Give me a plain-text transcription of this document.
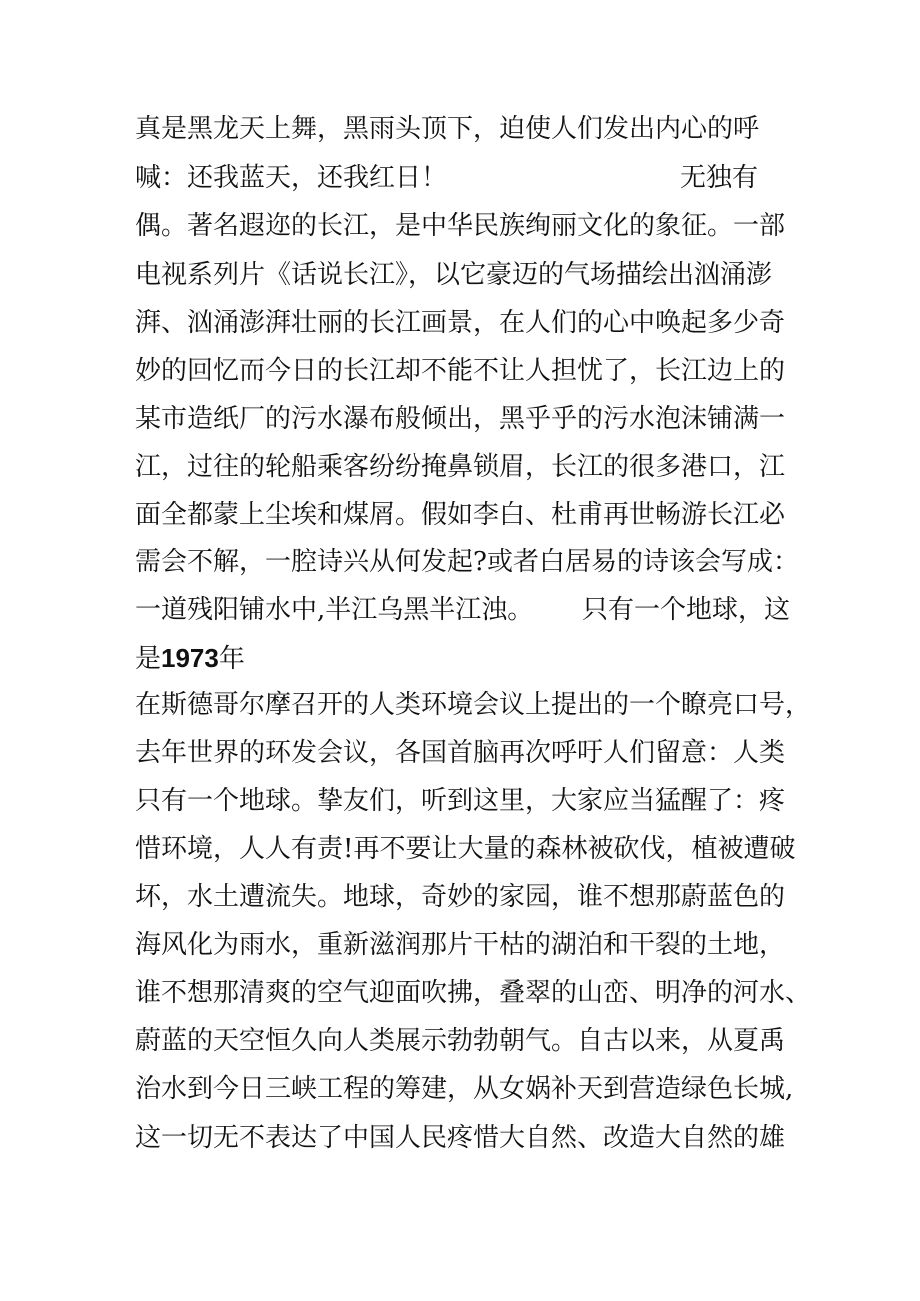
真是黑龙天上舞，黑雨头顶下，迫使人们发出内心的呼
喊：还我蓝天，还我红日！	无独有
偶。著名遐迩的长江，是中华民族绚丽文化的象征。一部
电视系列片《话说长江》，以它豪迈的气场描绘出汹涌澎
湃、汹涌澎湃壮丽的长江画景，在人们的心中唤起多少奇
妙的回忆而今日的长江却不能不让人担忧了，长江边上的
某市造纸厂的污水瀑布般倾出，黑乎乎的污水泡沫铺满一
江，过往的轮船乘客纷纷掩鼻锁眉，长江的很多港口，江
面全都蒙上尘埃和煤屑。假如李白、杜甫再世畅游长江必
需会不解，一腔诗兴从何发起?或者白居易的诗该会写成：
一道残阳铺水中,半江乌黑半江浊。 只有一个地球，这
是1973年
在斯德哥尔摩召开的人类环境会议上提出的一个瞭亮口号，
去年世界的环发会议，各国首脑再次呼吁人们留意：人类
只有一个地球。挚友们，听到这里，大家应当猛醒了：疼
惜环境，人人有责!再不要让大量的森林被砍伐，植被遭破
坏，水土遭流失。地球，奇妙的家园，谁不想那蔚蓝色的
海风化为雨水，重新滋润那片干枯的湖泊和干裂的土地，
谁不想那清爽的空气迎面吹拂，叠翠的山峦、明净的河水、
蔚蓝的天空恒久向人类展示勃勃朝气。自古以来，从夏禹
治水到今日三峡工程的筹建，从女娲补天到营造绿色长城,
这一切无不表达了中国人民疼惜大自然、改造大自然的雄
